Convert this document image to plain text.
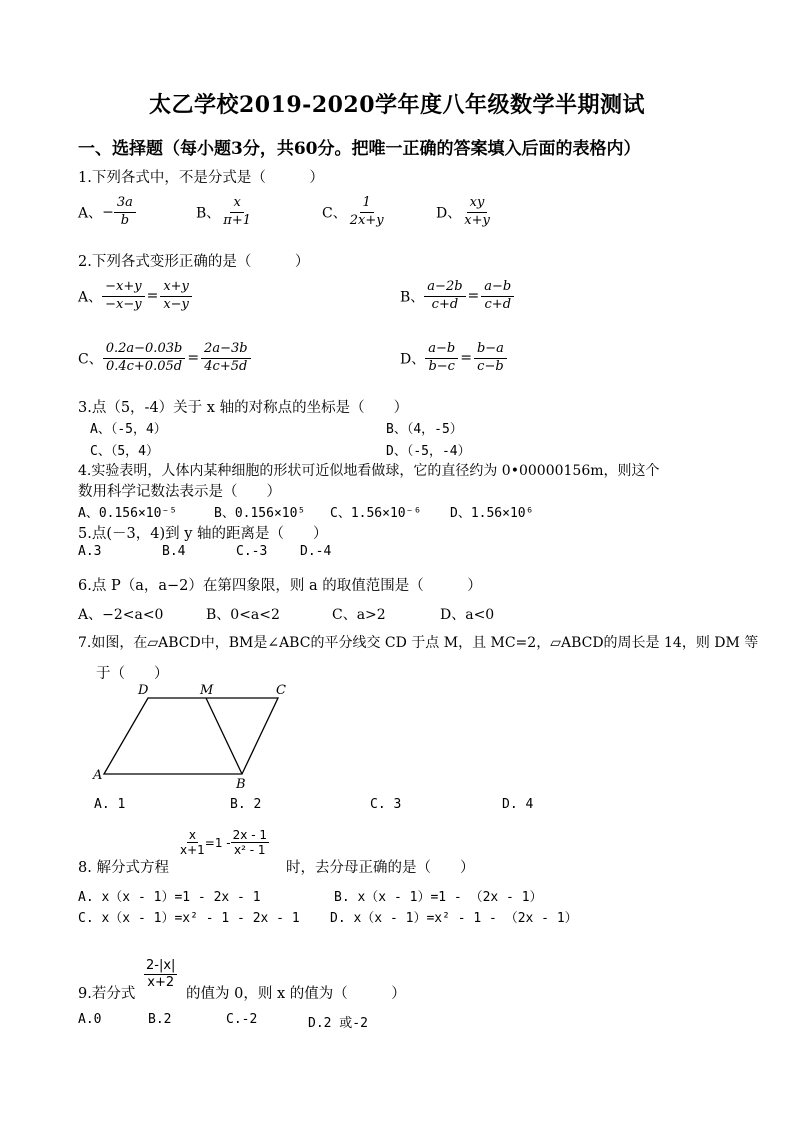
太乙学校2019-2020学年度八年级数学半期测试
一、选择题（每小题3分，共60分。把唯一正确的答案填入后面的表格内）
1.下列各式中，不是分式是（　　　）
A、− $\frac{3a}{b}$	B、 $\frac{x}{\pi+1}$	C、 $\frac{1}{2x+y}$	D、 $\frac{xy}{x+y}$
2.下列各式变形正确的是（　　　）
A、 $\frac{-x+y}{-x-y} = \frac{x+y}{x-y}$	B、 $\frac{a-2b}{c+d} = \frac{a-b}{c+d}$
C、 $\frac{0.2a-0.03b}{0.4c+0.05d} = \frac{2a-3b}{4c+5d}$	D、 $\frac{a-b}{b-c} = \frac{b-a}{c-b}$
3.点（5，-4）关于 x 轴的对称点的坐标是（　　）
A、（-5，4）	B、（4，-5）
C、（5，4）	D、（-5，-4）
4.实验表明，人体内某种细胞的形状可近似地看做球，它的直径约为 0•00000156m，则这个
数用科学记数法表示是（　　）
A、0.156×10⁻⁵	B、0.156×10⁵ C、1.56×10⁻⁶ D、1.56×10⁶
5.点(－3，4)到 y 轴的距离是（　　）
A.3	B.4	C.-3	D.-4
6.点 P（a，a−2）在第四象限，则 a 的取值范围是（　　　）
A、−2<a<0	B、0<a<2	C、a>2	D、a<0
7.如图，在▱ABCD中，BM是∠ABC的平分线交 CD 于点 M，且 MC=2，▱ABCD的周长是 14，则 DM 等
于（　　）
D	M	C
A
B
A. 1	B. 2	C. 3	D. 4
$\frac{x}{x+1} =1 - \frac{2x - 1}{\text{x² - 1}}$
8. 解分式方程	时，去分母正确的是（　　）
A. x（x - 1）=1 - 2x - 1	B. x（x - 1）=1 - （2x - 1）
C. x（x - 1）=x² - 1 - 2x - 1 D. x（x - 1）=x² - 1 - （2x - 1）
$\frac{2-|x|}{x+2}$
9.若分式	的值为 0，则 x 的值为（　　　）
A.0	B.2	C.-2	D.2 或-2
